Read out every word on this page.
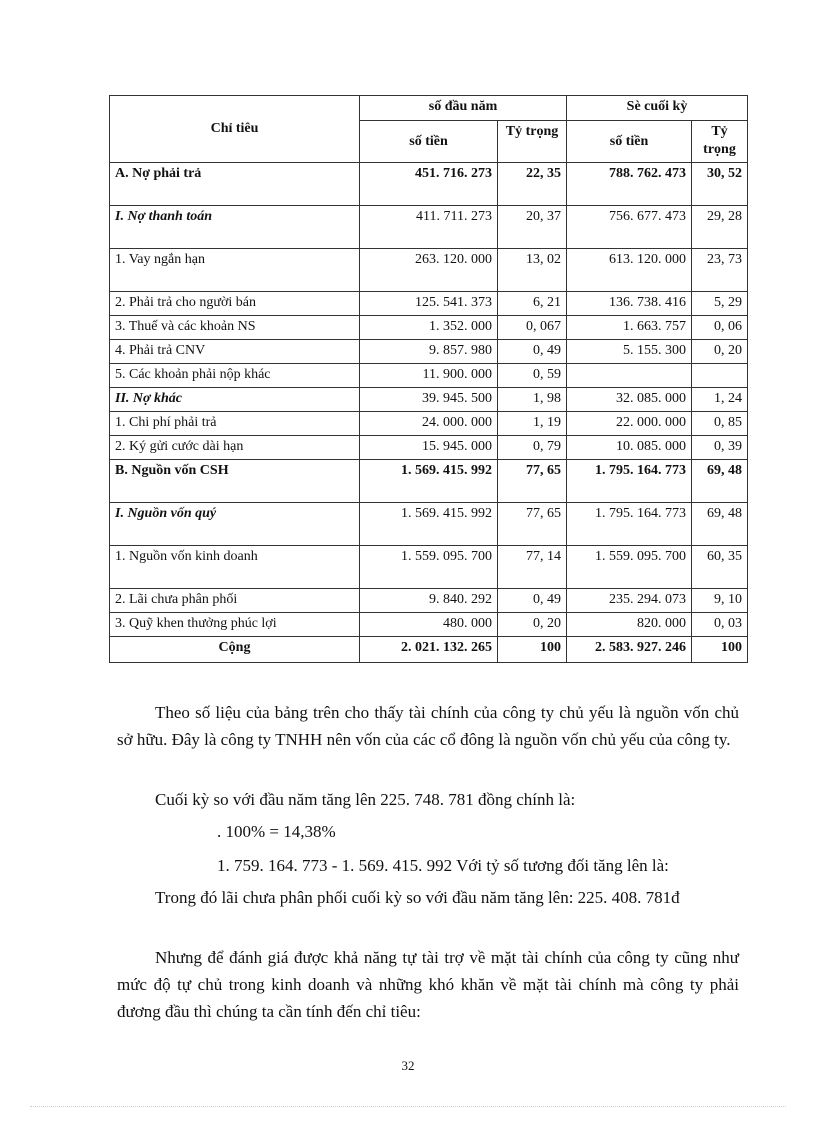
Chỉ tiêu	số đầu năm		Sè cuối kỳ	
	số tiền	Tỷ trọng	số tiền	Tỷ trọng
A. Nợ phải trả	451. 716. 273	22, 35	788. 762. 473	30, 52
I. Nợ thanh toán	411. 711. 273	20, 37	756. 677. 473	29, 28
1. Vay ngắn hạn	263. 120. 000	13, 02	613. 120. 000	23, 73
2. Phải trả cho người bán	125. 541. 373	6, 21	136. 738. 416	5, 29
3. Thuế và các khoản NS	1. 352. 000	0, 067	1. 663. 757	0, 06
4. Phải trả CNV	9. 857. 980	0, 49	5. 155. 300	0, 20
5. Các khoản phải nộp khác	11. 900. 000	0, 59		
II. Nợ khác	39. 945. 500	1, 98	32. 085. 000	1, 24
1. Chi phí phải trả	24. 000. 000	1, 19	22. 000. 000	0, 85
2. Ký gửi cước dài hạn	15. 945. 000	0, 79	10. 085. 000	0, 39
B. Nguồn vốn CSH	1. 569. 415. 992	77, 65	1. 795. 164. 773	69, 48
I. Nguồn vốn quý	1. 569. 415. 992	77, 65	1. 795. 164. 773	69, 48
1. Nguồn vốn kinh doanh	1. 559. 095. 700	77, 14	1. 559. 095. 700	60, 35
2. Lãi chưa phân phối	9. 840. 292	0, 49	235. 294. 073	9, 10
3. Quỹ khen thưởng phúc lợi	480. 000	0, 20	820. 000	0, 03
Cộng	2. 021. 132. 265	100	2. 583. 927. 246	100

Theo số liệu của bảng trên cho thấy tài chính của công ty chủ yếu là nguồn vốn chủ sở hữu. Đây là công ty TNHH nên vốn của các cổ đông là nguồn vốn chủ yếu của công ty.

Cuối kỳ so với đầu năm tăng lên 225. 748. 781 đồng chính là:

. 100% = 14,38%

1. 759. 164. 773 - 1. 569. 415. 992 Với tỷ số tương đối tăng lên là:

Trong đó lãi chưa phân phối cuối kỳ so với đầu năm tăng lên: 225. 408. 781đ

Nhưng để đánh giá được khả năng tự tài trợ về mặt tài chính của công ty cũng như mức độ tự chủ trong kinh doanh và những khó khăn về mặt tài chính mà công ty phải đương đầu thì chúng ta cần tính đến chỉ tiêu:

32
